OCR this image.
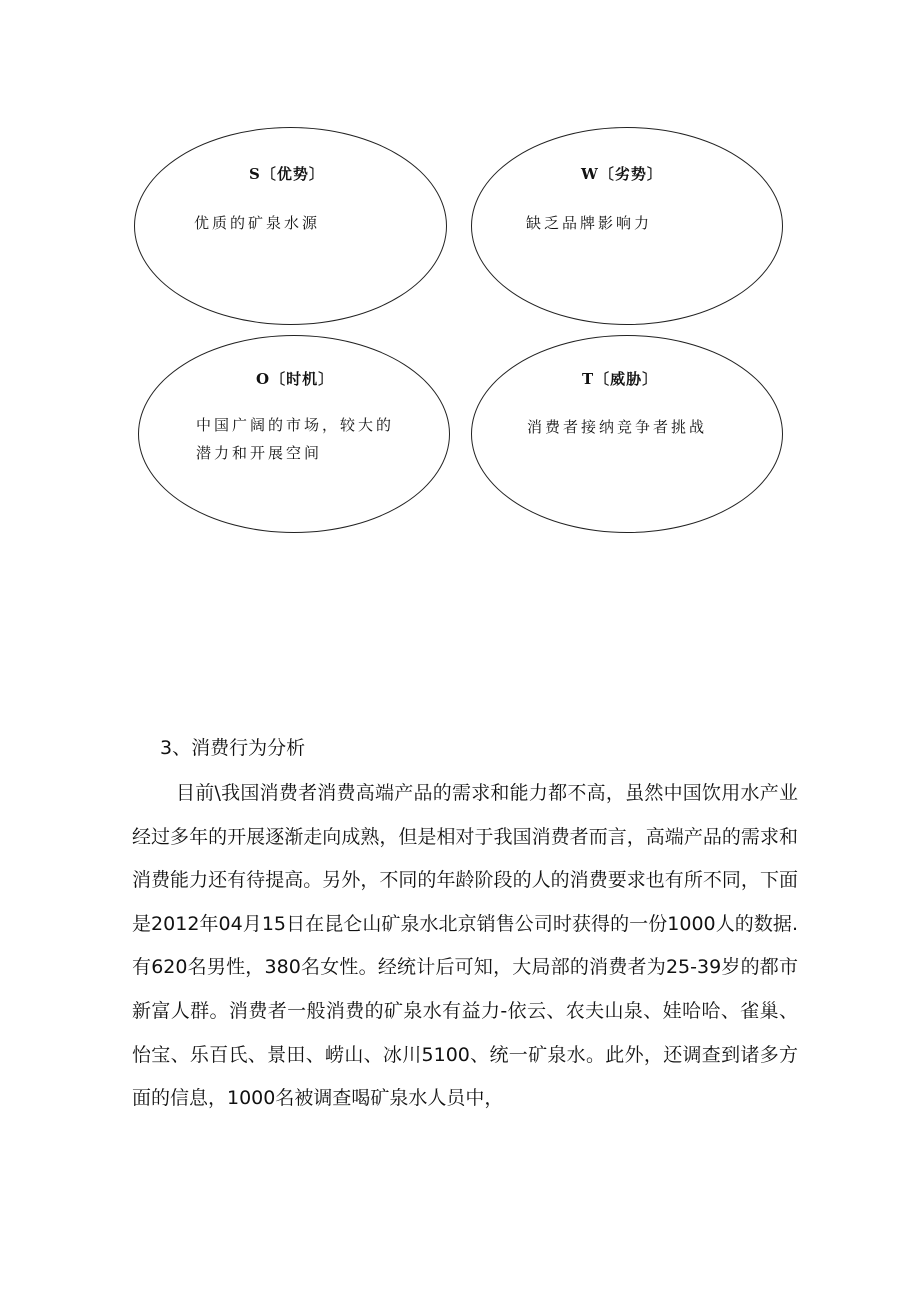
S〔优势〕
优质的矿泉水源
W〔劣势〕
缺乏品牌影响力
O〔时机〕
中国广阔的市场，较大的
潜力和开展空间
T〔威胁〕
消费者接纳竞争者挑战
3、消费行为分析

目前\我国消费者消费高端产品的需求和能力都不高，虽然中国饮用水产业经过多年的开展逐渐走向成熟，但是相对于我国消费者而言，高端产品的需求和消费能力还有待提高。另外，不同的年龄阶段的人的消费要求也有所不同，下面是2012年04月15日在昆仑山矿泉水北京销售公司时获得的一份1000人的数据.有620名男性，380名女性。经统计后可知，大局部的消费者为25-39岁的都市新富人群。消费者一般消费的矿泉水有益力-依云、农夫山泉、娃哈哈、雀巢、怡宝、乐百氏、景田、崂山、冰川5100、统一矿泉水。此外，还调查到诸多方面的信息，1000名被调查喝矿泉水人员中，
